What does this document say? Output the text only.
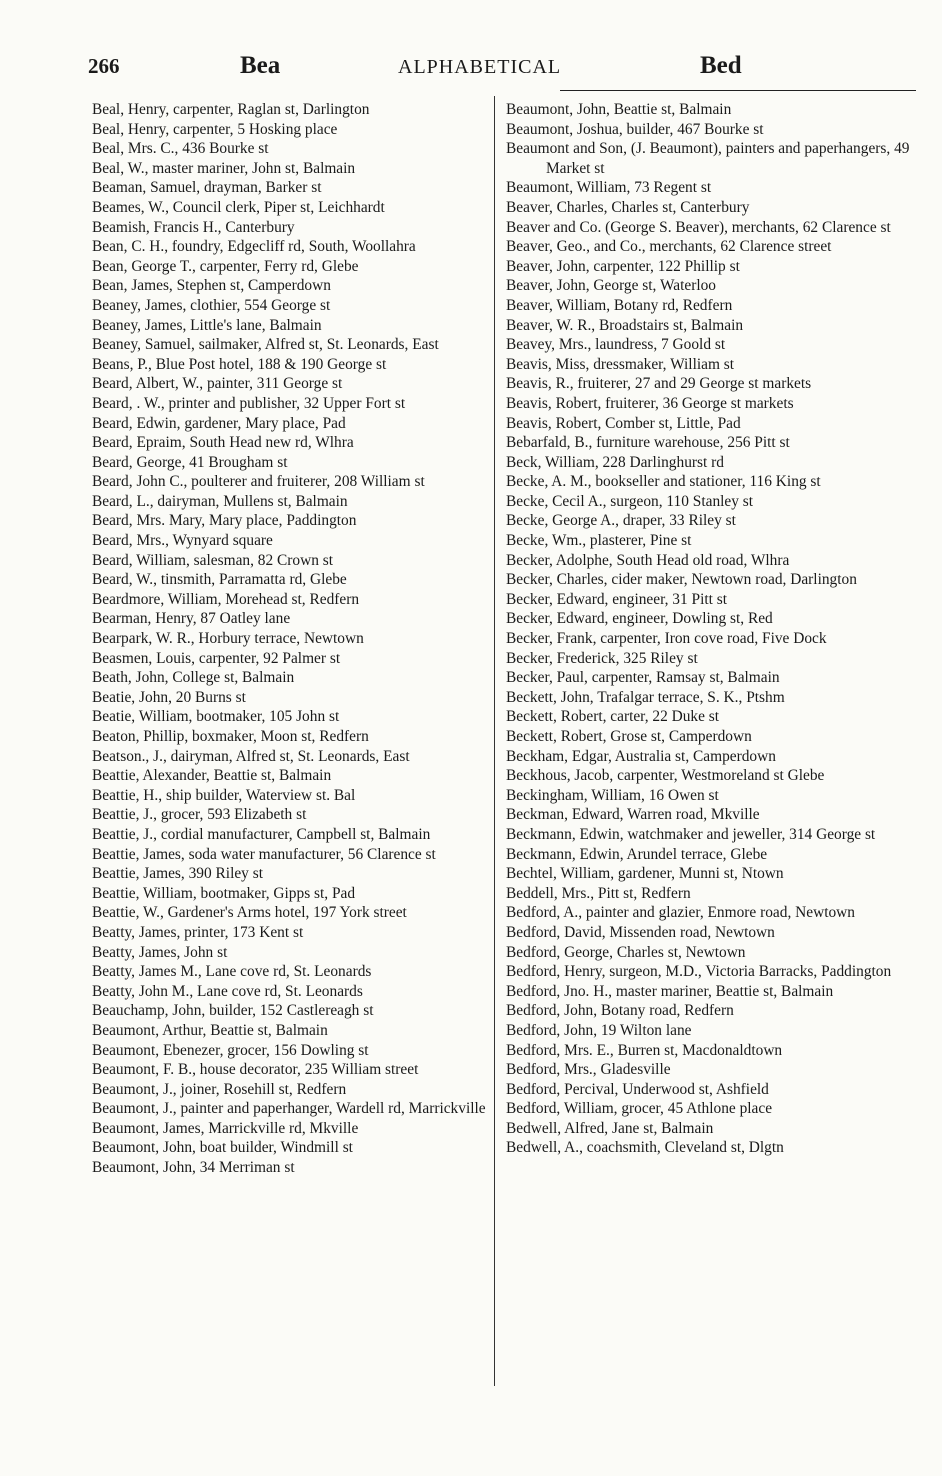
266	Bea	ALPHABETICAL	Bed
Beal, Henry, carpenter, Raglan st, Darlington
Beal, Henry, carpenter, 5 Hosking place
Beal, Mrs. C., 436 Bourke st
Beal, W., master mariner, John st, Balmain
Beaman, Samuel, drayman, Barker st
Beames, W., Council clerk, Piper st, Leichhardt
Beamish, Francis H., Canterbury
Bean, C. H., foundry, Edgecliff rd, South, Woollahra
Bean, George T., carpenter, Ferry rd, Glebe
Bean, James, Stephen st, Camperdown
Beaney, James, clothier, 554 George st
Beaney, James, Little's lane, Balmain
Beaney, Samuel, sailmaker, Alfred st, St. Leonards, East
Beans, P., Blue Post hotel, 188 & 190 George st
Beard, Albert, W., painter, 311 George st
Beard, . W., printer and publisher, 32 Upper Fort st
Beard, Edwin, gardener, Mary place, Pad
Beard, Epraim, South Head new rd, Wlhra
Beard, George, 41 Brougham st
Beard, John C., poulterer and fruiterer, 208 William st
Beard, L., dairyman, Mullens st, Balmain
Beard, Mrs. Mary, Mary place, Paddington
Beard, Mrs., Wynyard square
Beard, William, salesman, 82 Crown st
Beard, W., tinsmith, Parramatta rd, Glebe
Beardmore, William, Morehead st, Redfern
Bearman, Henry, 87 Oatley lane
Bearpark, W. R., Horbury terrace, Newtown
Beasmen, Louis, carpenter, 92 Palmer st
Beath, John, College st, Balmain
Beatie, John, 20 Burns st
Beatie, William, bootmaker, 105 John st
Beaton, Phillip, boxmaker, Moon st, Redfern
Beatson., J., dairyman, Alfred st, St. Leonards, East
Beattie, Alexander, Beattie st, Balmain
Beattie, H., ship builder, Waterview st. Bal
Beattie, J., grocer, 593 Elizabeth st
Beattie, J., cordial manufacturer, Campbell st, Balmain
Beattie, James, soda water manufacturer, 56 Clarence st
Beattie, James, 390 Riley st
Beattie, William, bootmaker, Gipps st, Pad
Beattie, W., Gardener's Arms hotel, 197 York street
Beatty, James, printer, 173 Kent st
Beatty, James, John st
Beatty, James M., Lane cove rd, St. Leonards
Beatty, John M., Lane cove rd, St. Leonards
Beauchamp, John, builder, 152 Castlereagh st
Beaumont, Arthur, Beattie st, Balmain
Beaumont, Ebenezer, grocer, 156 Dowling st
Beaumont, F. B., house decorator, 235 William street
Beaumont, J., joiner, Rosehill st, Redfern
Beaumont, J., painter and paperhanger, Wardell rd, Marrickville
Beaumont, James, Marrickville rd, Mkville
Beaumont, John, boat builder, Windmill st
Beaumont, John, 34 Merriman st
Beaumont, John, Beattie st, Balmain
Beaumont, Joshua, builder, 467 Bourke st
Beaumont and Son, (J. Beaumont), painters and paperhangers, 49 Market st
Beaumont, William, 73 Regent st
Beaver, Charles, Charles st, Canterbury
Beaver and Co. (George S. Beaver), merchants, 62 Clarence st
Beaver, Geo., and Co., merchants, 62 Clarence street
Beaver, John, carpenter, 122 Phillip st
Beaver, John, George st, Waterloo
Beaver, William, Botany rd, Redfern
Beaver, W. R., Broadstairs st, Balmain
Beavey, Mrs., laundress, 7 Goold st
Beavis, Miss, dressmaker, William st
Beavis, R., fruiterer, 27 and 29 George st markets
Beavis, Robert, fruiterer, 36 George st markets
Beavis, Robert, Comber st, Little, Pad
Bebarfald, B., furniture warehouse, 256 Pitt st
Beck, William, 228 Darlinghurst rd
Becke, A. M., bookseller and stationer, 116 King st
Becke, Cecil A., surgeon, 110 Stanley st
Becke, George A., draper, 33 Riley st
Becke, Wm., plasterer, Pine st
Becker, Adolphe, South Head old road, Wlhra
Becker, Charles, cider maker, Newtown road, Darlington
Becker, Edward, engineer, 31 Pitt st
Becker, Edward, engineer, Dowling st, Red
Becker, Frank, carpenter, Iron cove road, Five Dock
Becker, Frederick, 325 Riley st
Becker, Paul, carpenter, Ramsay st, Balmain
Beckett, John, Trafalgar terrace, S. K., Ptshm
Beckett, Robert, carter, 22 Duke st
Beckett, Robert, Grose st, Camperdown
Beckham, Edgar, Australia st, Camperdown
Beckhous, Jacob, carpenter, Westmoreland st Glebe
Beckingham, William, 16 Owen st
Beckman, Edward, Warren road, Mkville
Beckmann, Edwin, watchmaker and jeweller, 314 George st
Beckmann, Edwin, Arundel terrace, Glebe
Bechtel, William, gardener, Munni st, Ntown
Beddell, Mrs., Pitt st, Redfern
Bedford, A., painter and glazier, Enmore road, Newtown
Bedford, David, Missenden road, Newtown
Bedford, George, Charles st, Newtown
Bedford, Henry, surgeon, M.D., Victoria Barracks, Paddington
Bedford, Jno. H., master mariner, Beattie st, Balmain
Bedford, John, Botany road, Redfern
Bedford, John, 19 Wilton lane
Bedford, Mrs. E., Burren st, Macdonaldtown
Bedford, Mrs., Gladesville
Bedford, Percival, Underwood st, Ashfield
Bedford, William, grocer, 45 Athlone place
Bedwell, Alfred, Jane st, Balmain
Bedwell, A., coachsmith, Cleveland st, Dlgtn
